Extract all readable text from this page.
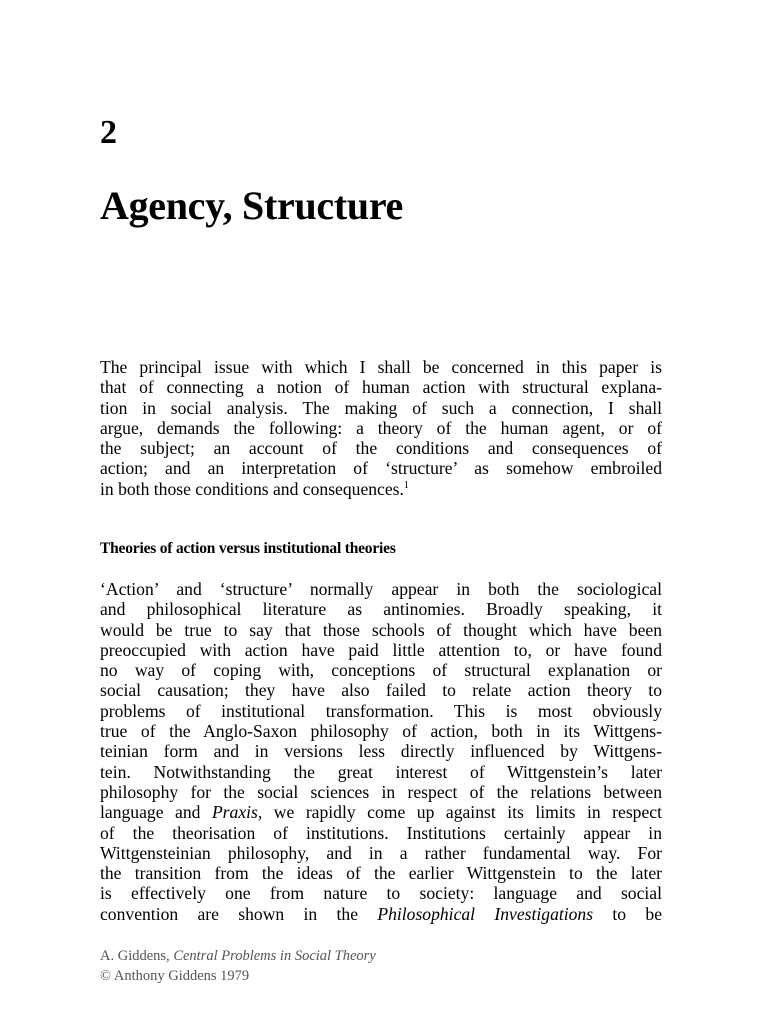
2
Agency, Structure
The principal issue with which I shall be concerned in this paper is
that of connecting a notion of human action with structural explana-
tion in social analysis. The making of such a connection, I shall
argue, demands the following: a theory of the human agent, or of
the subject; an account of the conditions and consequences of
action; and an interpretation of ‘structure’ as somehow embroiled
in both those conditions and consequences.$^1$
Theories of action versus institutional theories
‘Action’ and ‘structure’ normally appear in both the sociological
and philosophical literature as antinomies. Broadly speaking, it
would be true to say that those schools of thought which have been
preoccupied with action have paid little attention to, or have found
no way of coping with, conceptions of structural explanation or
social causation; they have also failed to relate action theory to
problems of institutional transformation. This is most obviously
true of the Anglo-Saxon philosophy of action, both in its Wittgens-
teinian form and in versions less directly influenced by Wittgens-
tein. Notwithstanding the great interest of Wittgenstein’s later
philosophy for the social sciences in respect of the relations between
language and Praxis, we rapidly come up against its limits in respect
of the theorisation of institutions. Institutions certainly appear in
Wittgensteinian philosophy, and in a rather fundamental way. For
the transition from the ideas of the earlier Wittgenstein to the later
is effectively one from nature to society: language and social
convention are shown in the Philosophical Investigations to be
A. Giddens, Central Problems in Social Theory
© Anthony Giddens 1979
